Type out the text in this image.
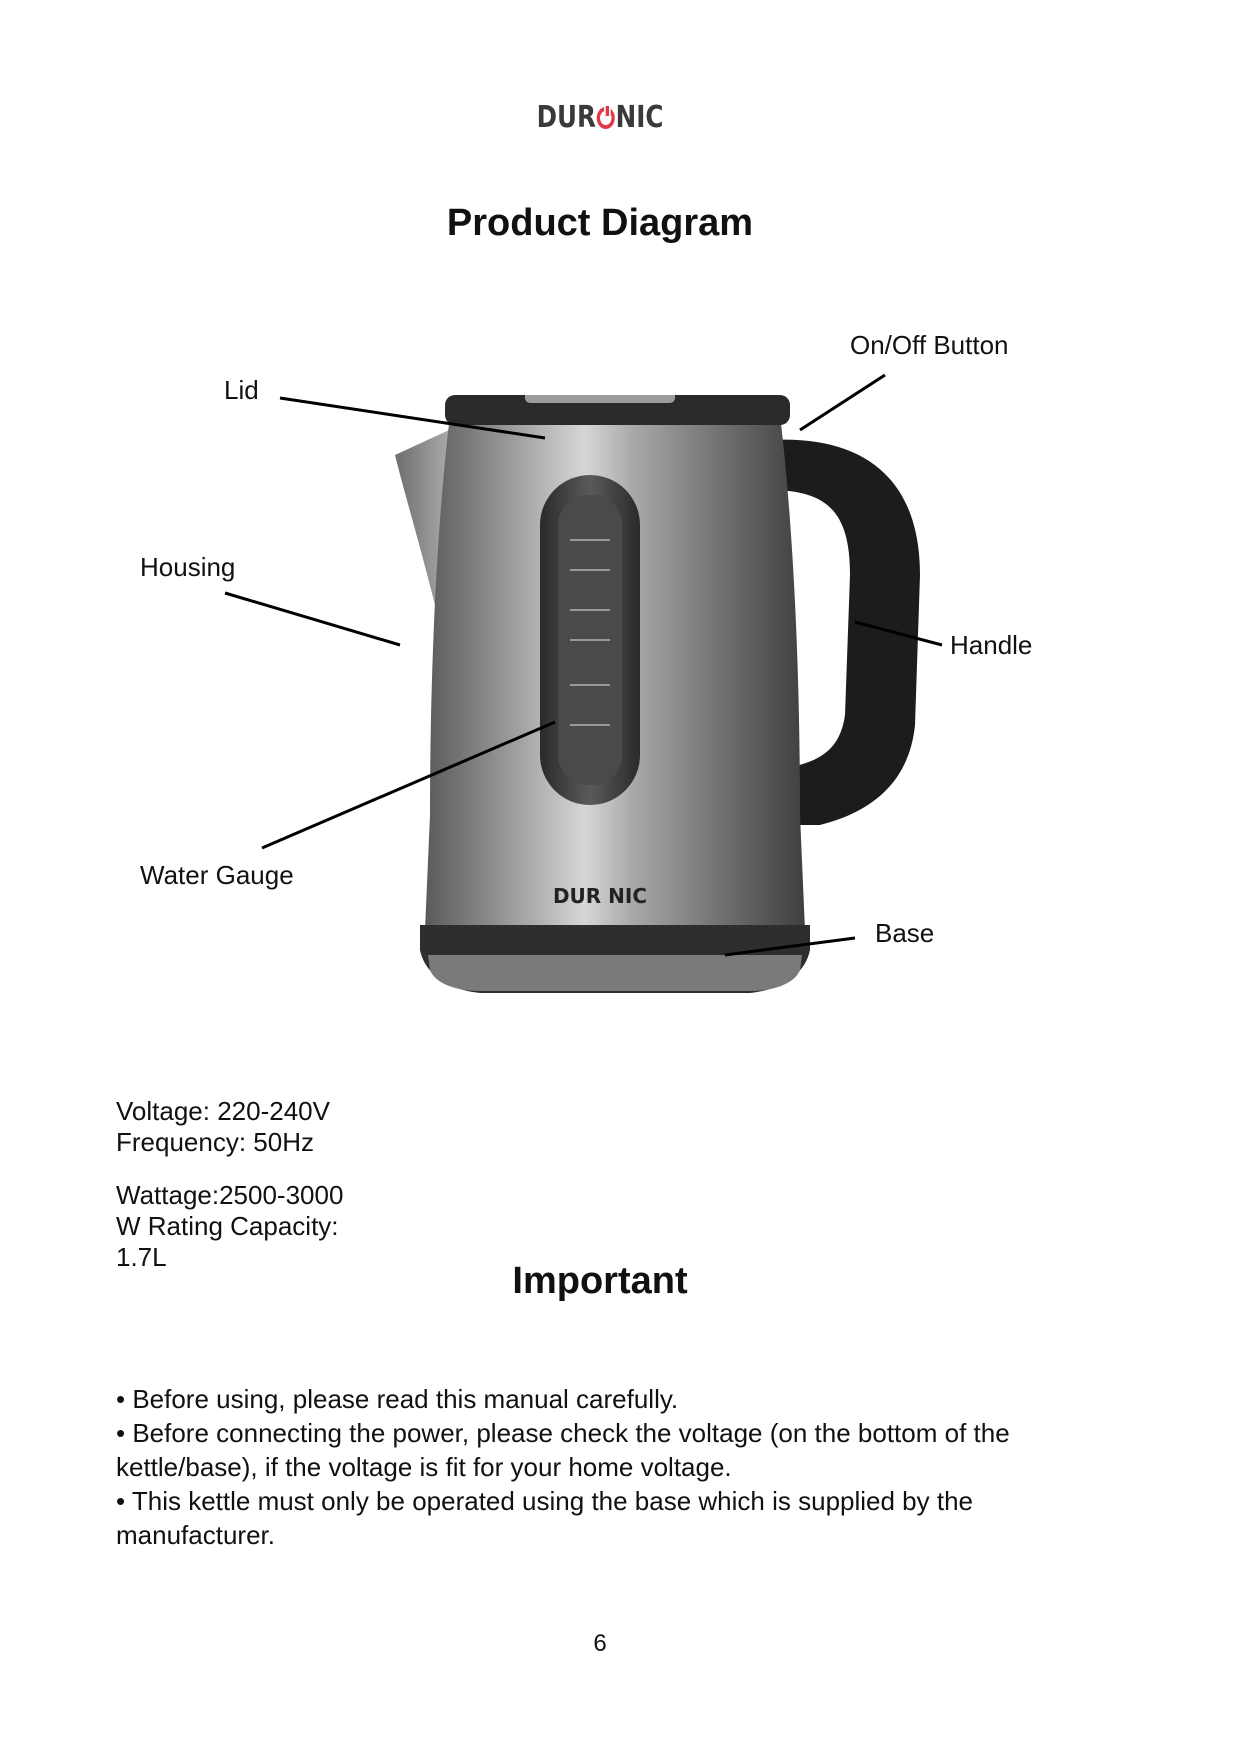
DUR NIC
Product Diagram
DUR NIC
Lid
On/Off Button
Housing
Handle
Water Gauge
Base
Voltage: 220-240V
Frequency: 50Hz
Wattage:2500-3000
W Rating Capacity:
1.7L
Important

• Before using, please read this manual carefully.

• Before connecting the power, please check the voltage (on the bottom of the kettle/base), if the voltage is fit for your home voltage.

• This kettle must only be operated using the base which is supplied by the manufacturer.

6
